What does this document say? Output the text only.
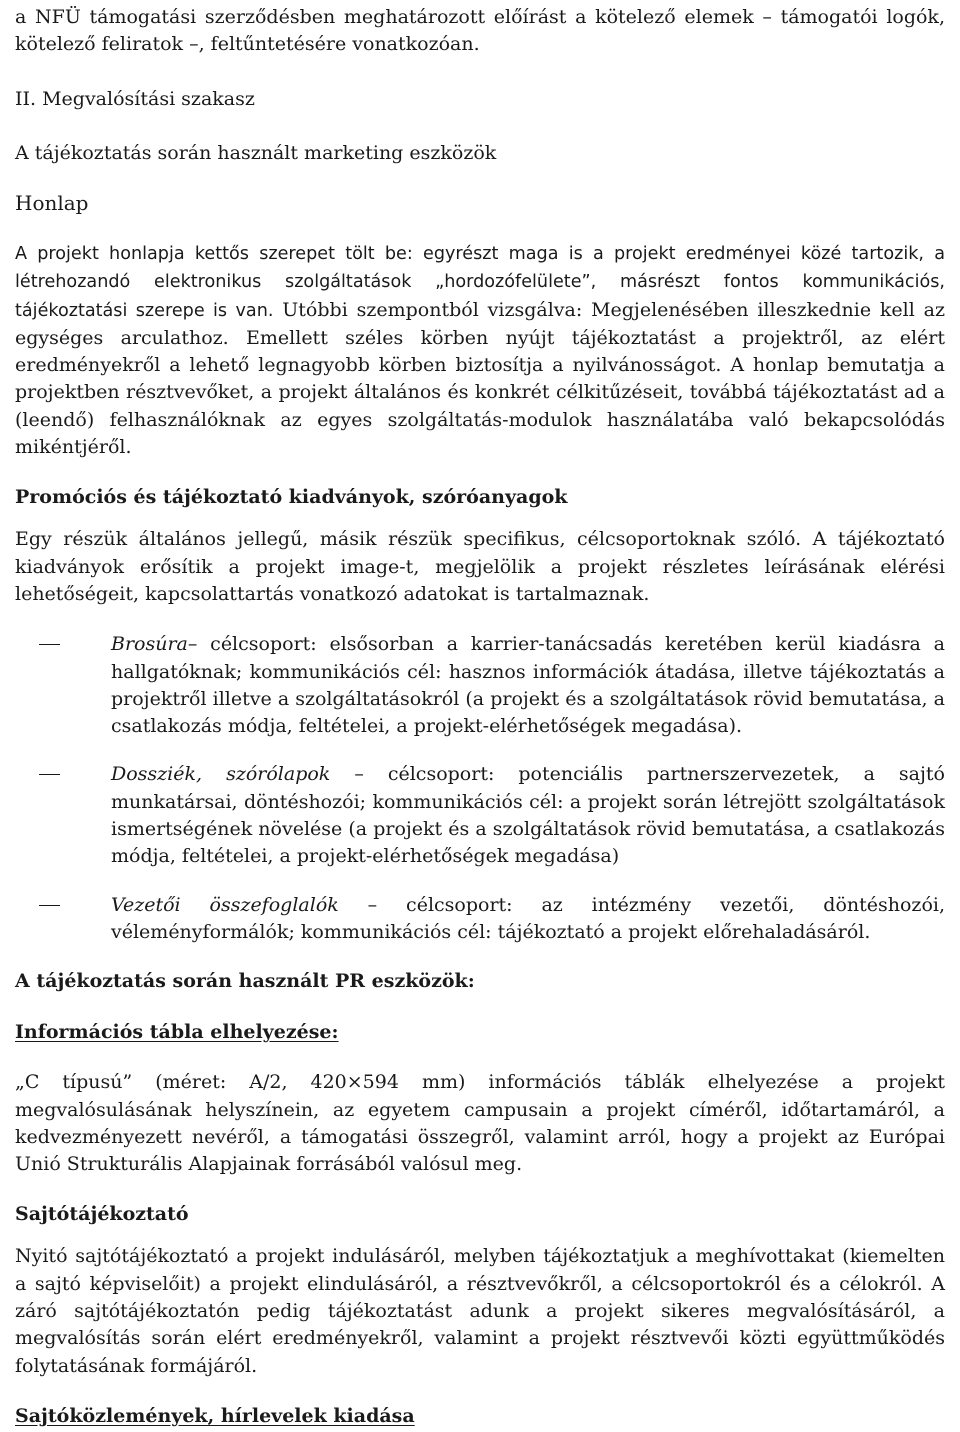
a NFÜ támogatási szerződésben meghatározott előírást a kötelező elemek – támogatói logók, kötelező feliratok –, feltűntetésére vonatkozóan.

II. Megvalósítási szakasz

A tájékoztatás során használt marketing eszközök

Honlap

A projekt honlapja kettős szerepet tölt be: egyrészt maga is a projekt eredményei közé tartozik, a létrehozandó elektronikus szolgáltatások „hordozófelülete”, másrészt fontos kommunikációs, tájékoztatási szerepe is van. Utóbbi szempontból vizsgálva: Megjelenésében illeszkednie kell az egységes arculathoz. Emellett széles körben nyújt tájékoztatást a projektről, az elért eredményekről a lehető legnagyobb körben biztosítja a nyilvánosságot. A honlap bemutatja a projektben résztvevőket, a projekt általános és konkrét célkitűzéseit, továbbá tájékoztatást ad a (leendő) felhasználóknak az egyes szolgáltatás-modulok használatába való bekapcsolódás mikéntjéről.

Promóciós és tájékoztató kiadványok, szóróanyagok

Egy részük általános jellegű, másik részük specifikus, célcsoportoknak szóló. A tájékoztató kiadványok erősítik a projekt image-t, megjelölik a projekt részletes leírásának elérési lehetőségeit, kapcsolattartás vonatkozó adatokat is tartalmaznak.

Brosúra– célcsoport: elsősorban a karrier-tanácsadás keretében kerül kiadásra a hallgatóknak; kommunikációs cél: hasznos információk átadása, illetve tájékoztatás a projektről illetve a szolgáltatásokról (a projekt és a szolgáltatások rövid bemutatása, a csatlakozás módja, feltételei, a projekt-elérhetőségek megadása).
Dossziék, szórólapok – célcsoport: potenciális partnerszervezetek, a sajtó munkatársai, döntéshozói; kommunikációs cél: a projekt során létrejött szolgáltatások ismertségének növelése (a projekt és a szolgáltatások rövid bemutatása, a csatlakozás módja, feltételei, a projekt-elérhetőségek megadása)
Vezetői összefoglalók – célcsoport: az intézmény vezetői, döntéshozói, véleményformálók; kommunikációs cél: tájékoztató a projekt előrehaladásáról.

A tájékoztatás során használt PR eszközök:

Információs tábla elhelyezése:

„C típusú” (méret: A/2, 420×594 mm) információs táblák elhelyezése a projekt megvalósulásának helyszínein, az egyetem campusain a projekt címéről, időtartamáról, a kedvezményezett nevéről, a támogatási összegről, valamint arról, hogy a projekt az Európai Unió Strukturális Alapjainak forrásából valósul meg.

Sajtótájékoztató

Nyitó sajtótájékoztató a projekt indulásáról, melyben tájékoztatjuk a meghívottakat (kiemelten a sajtó képviselőit) a projekt elindulásáról, a résztvevőkről, a célcsoportokról és a célokról. A záró sajtótájékoztatón pedig tájékoztatást adunk a projekt sikeres megvalósításáról, a megvalósítás során elért eredményekről, valamint a projekt résztvevői közti együttműködés folytatásának formájáról.

Sajtóközlemények, hírlevelek kiadása
